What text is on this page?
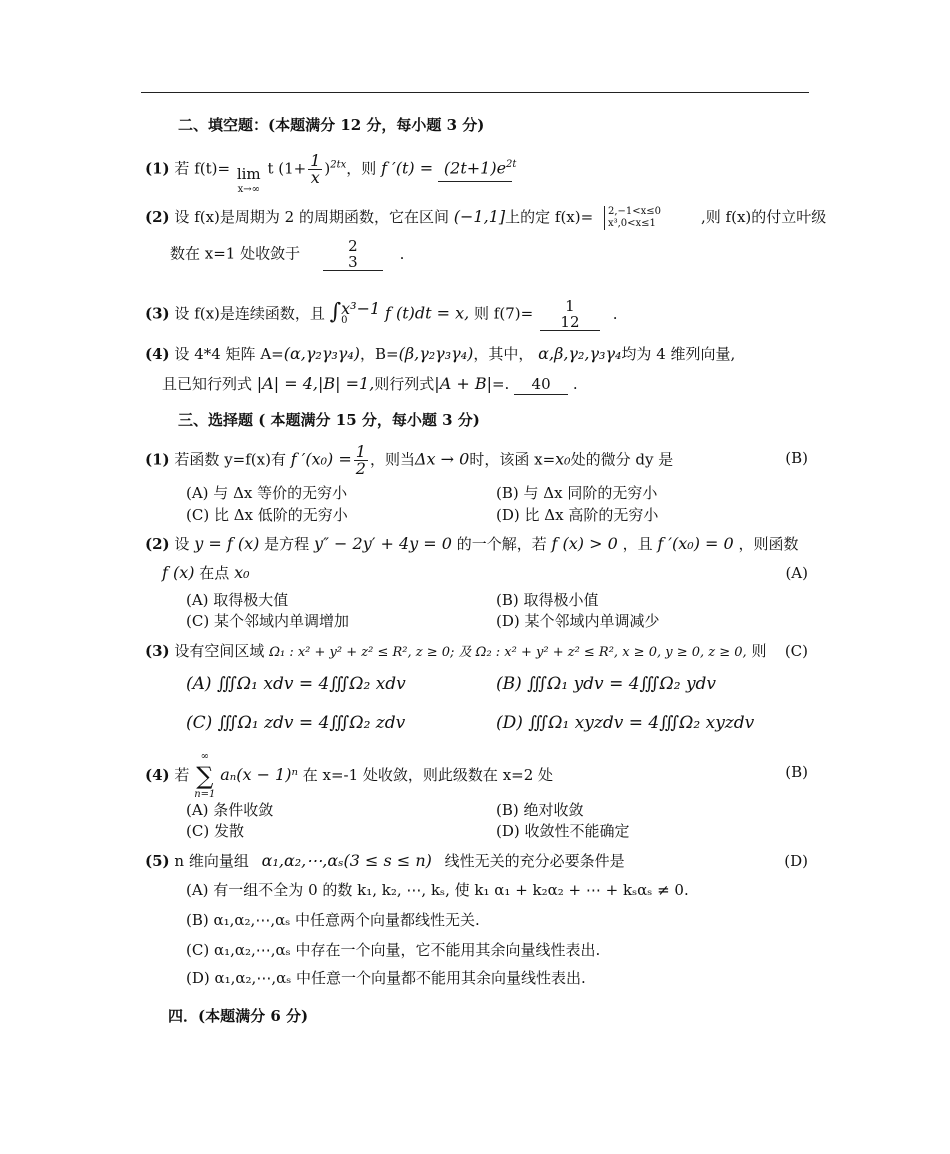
二、填空题：(本题满分 12 分，每小题 3 分)
(1) 若 f(t)= lim
x→∞
t $(1+ \frac{1}{x} )^{2tx}$，则 f $'(t) = (2t+1)e^{2t}$
(2) 设 f(x)是周期为 2 的周期函数，它在区间 (−1,1]上的定 f(x)= 2,−1<x≤0
x³,0<x≤1	,则 f(x)的付立叶级
数在 x=1 处收敛于	2
3	.
(3) 设 f(x)是连续函数，且 ∫ x³−1
0	f (t)dt = x, 则 f(7)= 1
12 .
(4) 设 4*4 矩阵 A=(α,γ₂γ₃γ₄)，B=(β,γ₂γ₃γ₄)，其中， α,β,γ₂,γ₃γ₄均为 4 维列向量,
且已知行列式 |A| = 4,|B| =1,则行列式|A + B|=. 40 .
三、选择题 ( 本题满分 15 分，每小题 3 分)
(1) 若函数 y=f(x)有 f $'(x_0) = \frac{1}{2}$ ，则当Δx → 0时，该函 x=x₀处的微分 dy 是	(B)
(A) 与 Δx 等价的无穷小	(B) 与 Δx 同阶的无穷小
(C) 比 Δx 低阶的无穷小	(D) 比 Δx 高阶的无穷小
(2) 设 y = f (x) 是方程 y″ − 2y′ + 4y = 0 的一个解，若 f (x) > 0 ，且 f ′(x₀) = 0 ，则函数
f (x) 在点 x₀	(A)
(A) 取得极大值	(B) 取得极小值
(C) 某个邻域内单调增加	(D) 某个邻域内单调减少
(3) 设有空间区域 Ω₁ : x² + y² + z² ≤ R², z ≥ 0; 及 Ω₂ : x² + y² + z² ≤ R², x ≥ 0, y ≥ 0, z ≥ 0, 则 (C)
(A) ∭Ω₁ xdv = 4∭Ω₂ xdv	(B) ∭Ω₁ ydv = 4∭Ω₂ ydv
(C) ∭Ω₁ zdv = 4∭Ω₂ zdv	(D) ∭Ω₁ xyzdv = 4∭Ω₂ xyzdv
(4) 若
∞
∑
n=1
aₙ(x − 1)ⁿ 在 x=-1 处收敛，则此级数在 x=2 处	(B)
(A) 条件收敛	(B) 绝对收敛
(C) 发散	(D) 收敛性不能确定
(5) n 维向量组 α₁,α₂,⋯,αₛ(3 ≤ s ≤ n) 线性无关的充分必要条件是	(D)
(A) 有一组不全为 0 的数 k₁, k₂, ⋯, kₛ, 使 k₁ α₁ + k₂α₂ + ⋯ + kₛαₛ ≠ 0.
(B) α₁,α₂,⋯,αₛ 中任意两个向量都线性无关.
(C) α₁,α₂,⋯,αₛ 中存在一个向量，它不能用其余向量线性表出.
(D) α₁,α₂,⋯,αₛ 中任意一个向量都不能用其余向量线性表出.
四．(本题满分 6 分)
